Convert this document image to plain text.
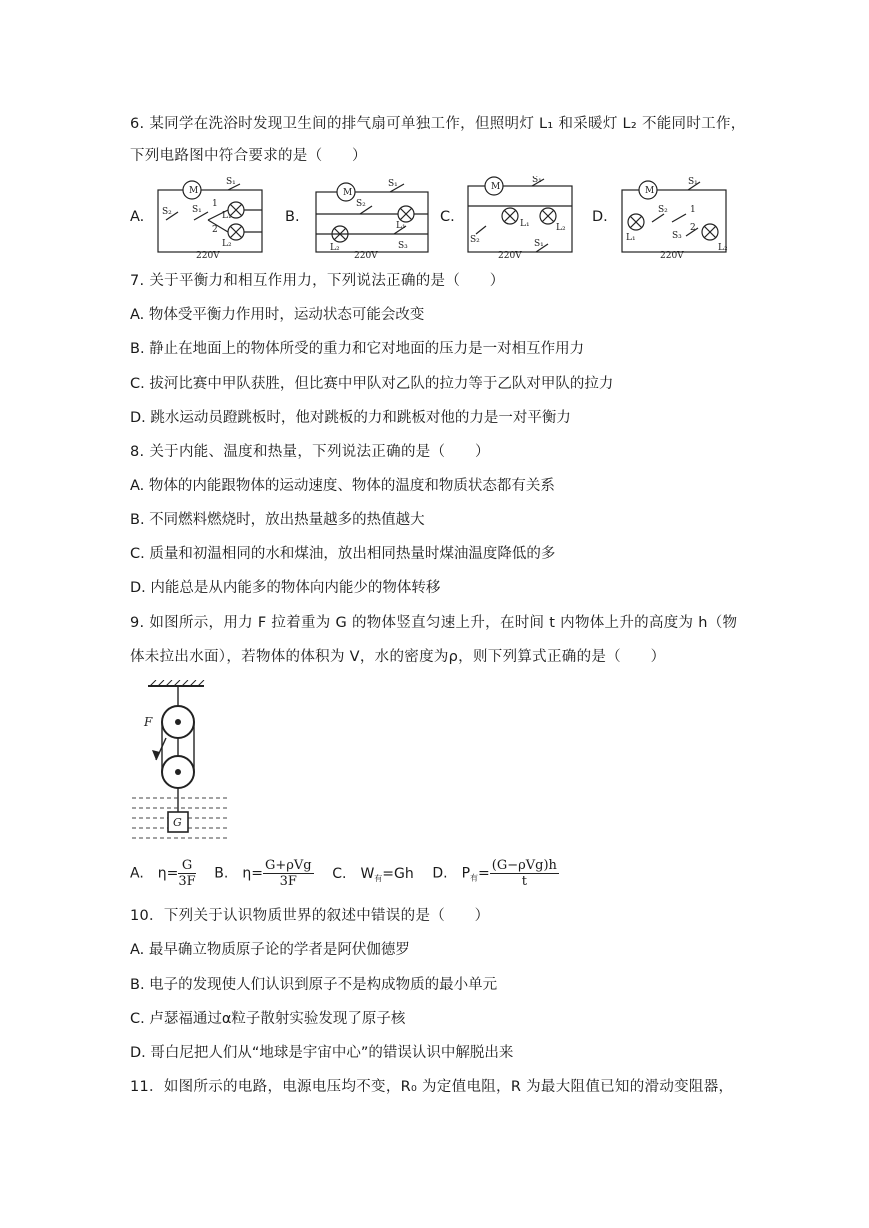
6. 某同学在洗浴时发现卫生间的排气扇可单独工作，但照明灯 L₁ 和采暖灯 L₂ 不能同时工作，
下列电路图中符合要求的是（　　）
A.
M
S₁
S₂ S₁
1
2
L₁
L₂
220V
B.
M
S₁
S₂
L₁
L₂	S₃
220V
C.
M
S₁
L₁	L₂
S₂	S₁
220V
D.
M
S₁
L₁
S₂ 1
2
S₃
L₂
220V
7. 关于平衡力和相互作用力，下列说法正确的是（　　）
A. 物体受平衡力作用时，运动状态可能会改变
B. 静止在地面上的物体所受的重力和它对地面的压力是一对相互作用力
C. 拔河比赛中甲队获胜，但比赛中甲队对乙队的拉力等于乙队对甲队的拉力
D. 跳水运动员蹬跳板时，他对跳板的力和跳板对他的力是一对平衡力
8. 关于内能、温度和热量，下列说法正确的是（　　）
A. 物体的内能跟物体的运动速度、物体的温度和物质状态都有关系
B. 不同燃料燃烧时，放出热量越多的热值越大
C. 质量和初温相同的水和煤油，放出相同热量时煤油温度降低的多
D. 内能总是从内能多的物体向内能少的物体转移
9. 如图所示，用力 F 拉着重为 G 的物体竖直匀速上升，在时间 t 内物体上升的高度为 h（物
体未拉出水面），若物体的体积为 V，水的密度为ρ，则下列算式正确的是（　　）
F
G
A.　$\eta= \frac{G}{3F} B$.　$\eta= \frac{\text{G+ρVg}}{3F} C$.　$W_有=Gh$ D.　$P_有= \frac{\text{(G−ρVg)h}}{t}$
10．下列关于认识物质世界的叙述中错误的是（　　）
A. 最早确立物质原子论的学者是阿伏伽德罗
B. 电子的发现使人们认识到原子不是构成物质的最小单元
C. 卢瑟福通过α粒子散射实验发现了原子核
D. 哥白尼把人们从“地球是宇宙中心”的错误认识中解脱出来
11．如图所示的电路，电源电压均不变，R₀ 为定值电阻，R 为最大阻值已知的滑动变阻器，
